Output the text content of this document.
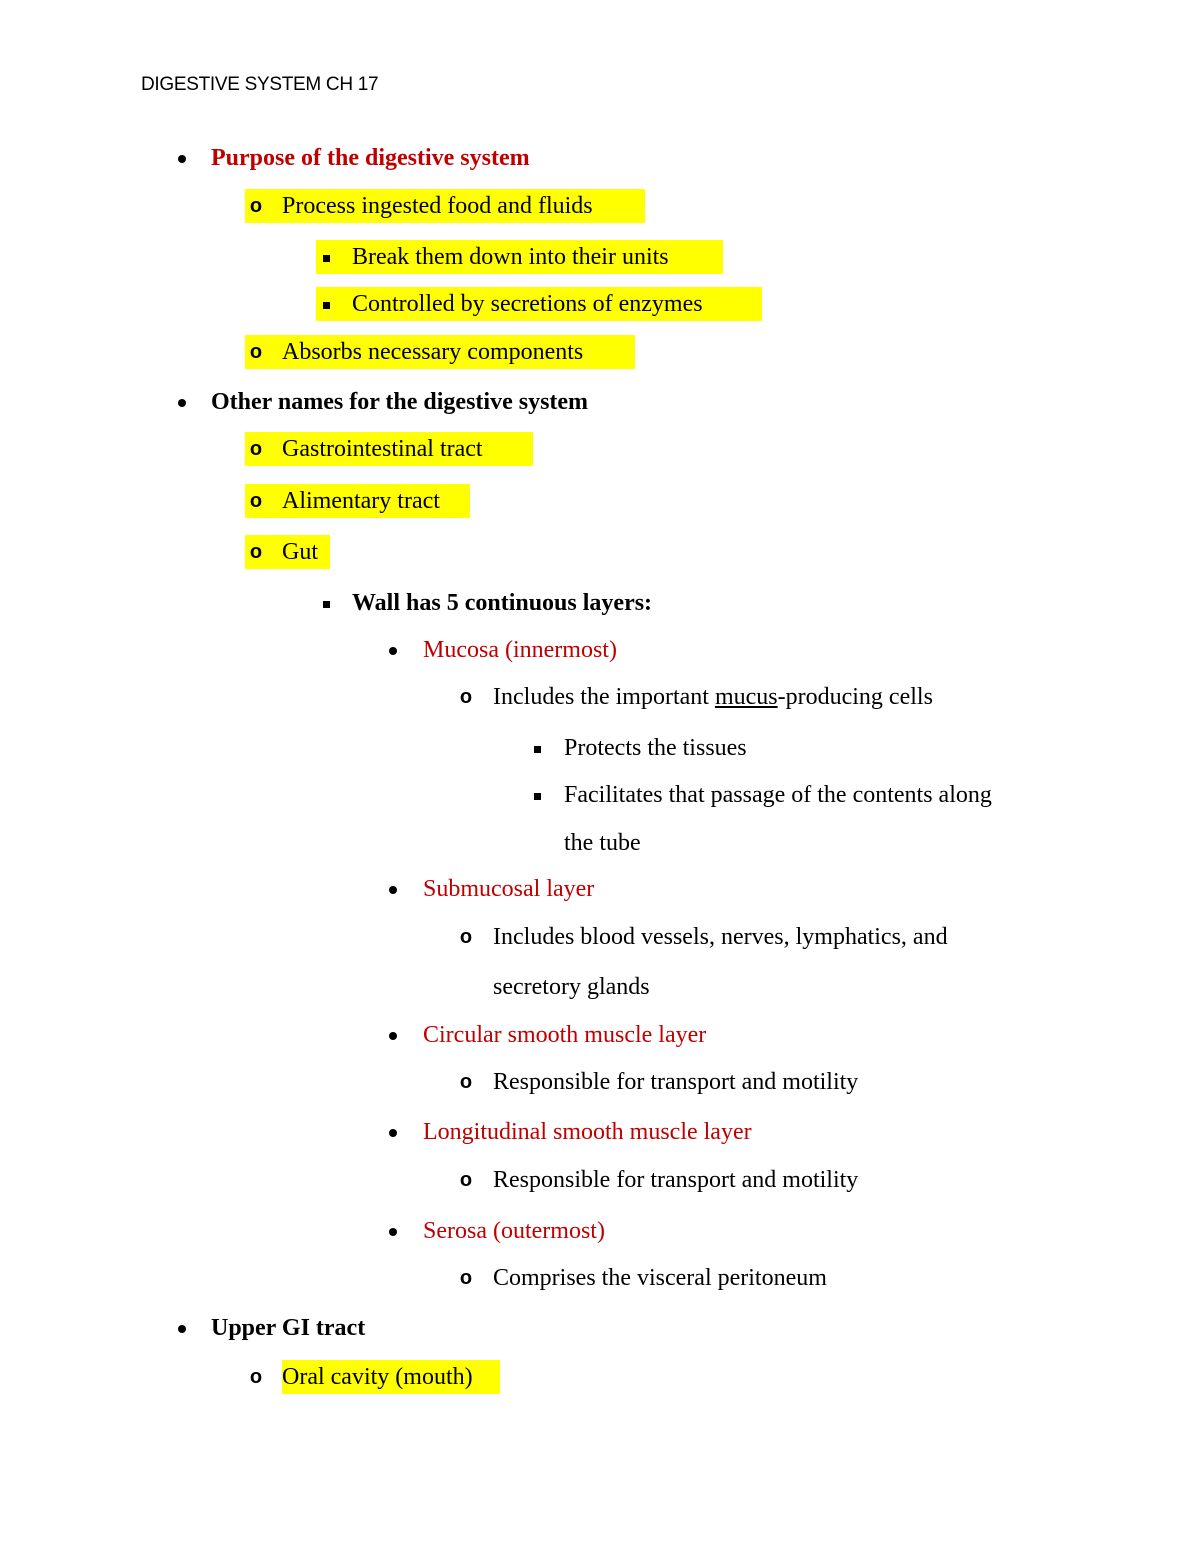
DIGESTIVE SYSTEM CH 17
Purpose of the digestive system
o Process ingested food and fluids
Break them down into their units
Controlled by secretions of enzymes
o Absorbs necessary components
Other names for the digestive system
o Gastrointestinal tract
o Alimentary tract
o Gut
Wall has 5 continuous layers:
Mucosa (innermost)
o Includes the important mucus-producing cells
Protects the tissues
Facilitates that passage of the contents along
the tube
Submucosal layer
o Includes blood vessels, nerves, lymphatics, and
secretory glands
Circular smooth muscle layer
o Responsible for transport and motility
Longitudinal smooth muscle layer
o Responsible for transport and motility
Serosa (outermost)
o Comprises the visceral peritoneum
Upper GI tract
o Oral cavity (mouth)
